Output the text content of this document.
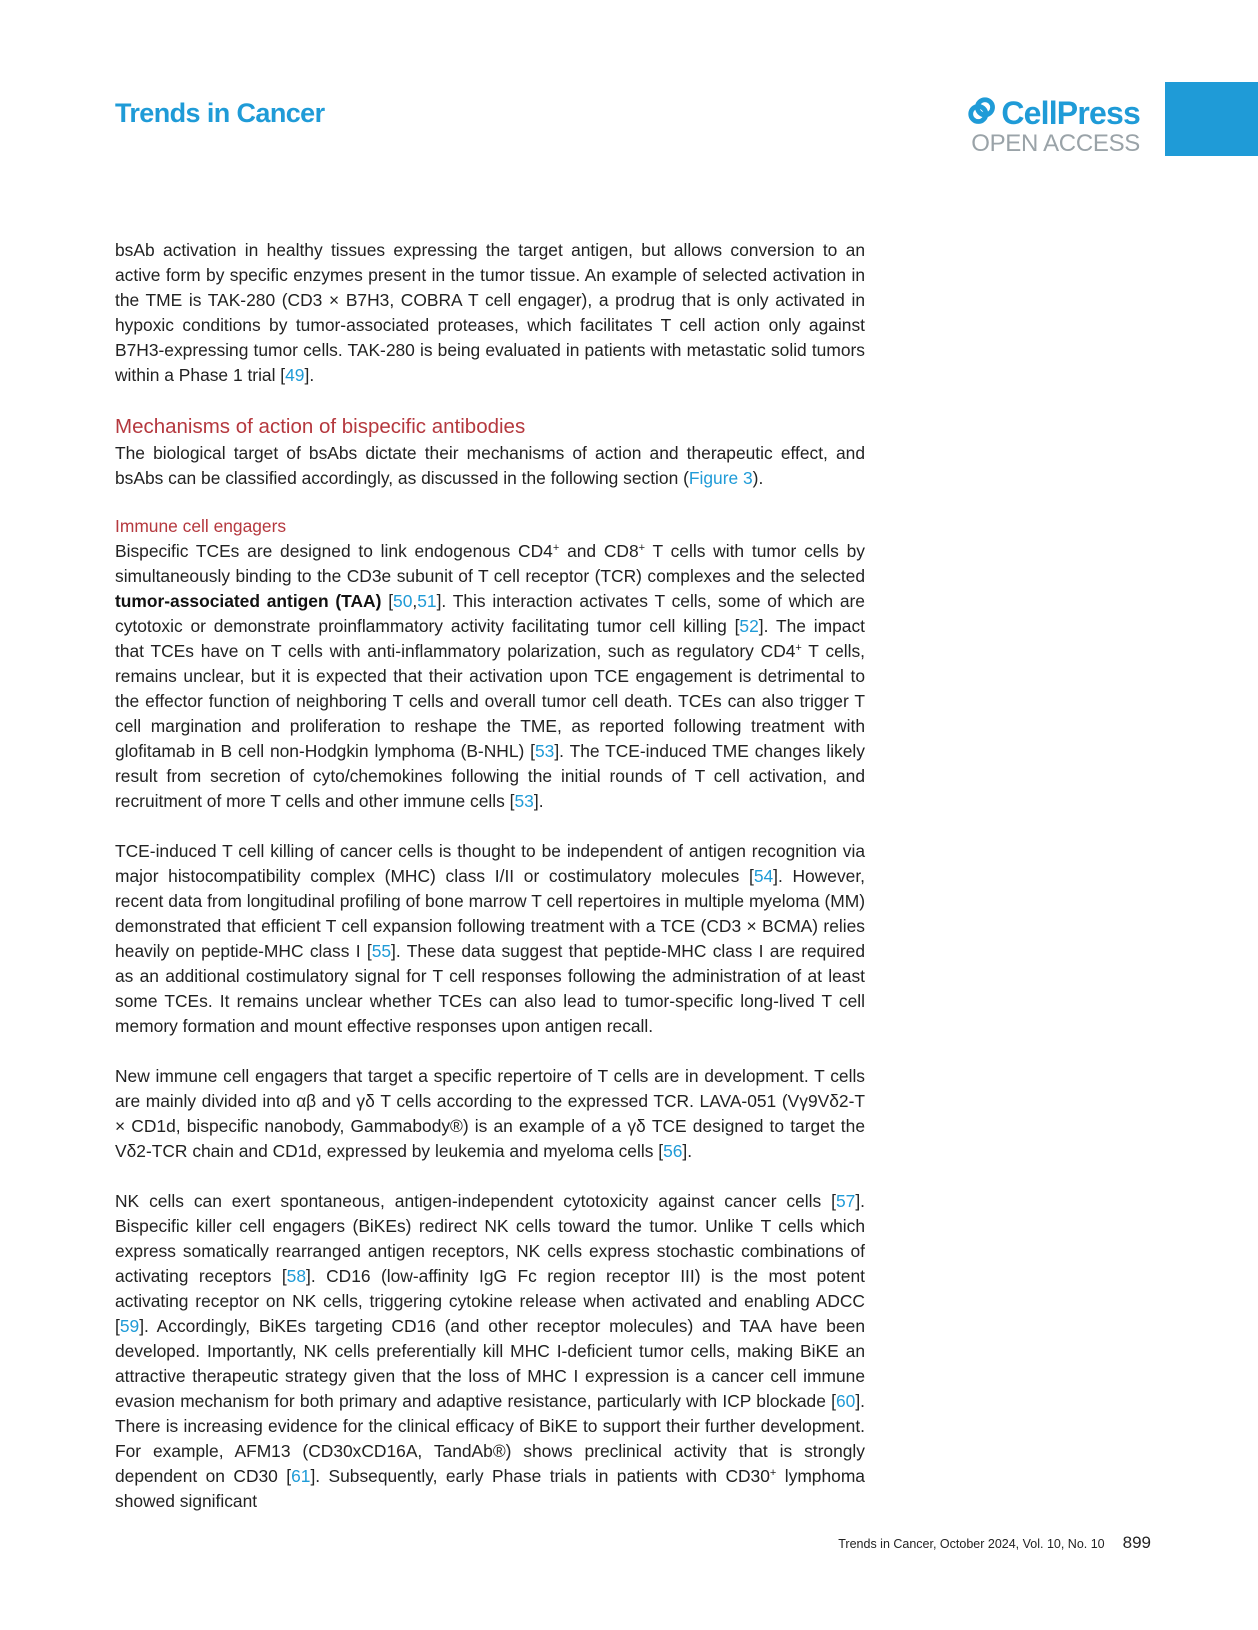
Trends in Cancer	CellPress
OPEN ACCESS

bsAb activation in healthy tissues expressing the target antigen, but allows conversion to an active form by specific enzymes present in the tumor tissue. An example of selected activation in the TME is TAK-280 (CD3 × B7H3, COBRA T cell engager), a prodrug that is only activated in hypoxic conditions by tumor-associated proteases, which facilitates T cell action only against B7H3-expressing tumor cells. TAK-280 is being evaluated in patients with metastatic solid tumors within a Phase 1 trial [49].

Mechanisms of action of bispecific antibodies

The biological target of bsAbs dictate their mechanisms of action and therapeutic effect, and bsAbs can be classified accordingly, as discussed in the following section (Figure 3).

Immune cell engagers

Bispecific TCEs are designed to link endogenous CD4+ and CD8+ T cells with tumor cells by simultaneously binding to the CD3e subunit of T cell receptor (TCR) complexes and the selected tumor-associated antigen (TAA) [50,51]. This interaction activates T cells, some of which are cytotoxic or demonstrate proinflammatory activity facilitating tumor cell killing [52]. The impact that TCEs have on T cells with anti-inflammatory polarization, such as regulatory CD4+ T cells, remains unclear, but it is expected that their activation upon TCE engagement is detrimental to the effector function of neighboring T cells and overall tumor cell death. TCEs can also trigger T cell margination and proliferation to reshape the TME, as reported following treatment with glofitamab in B cell non-Hodgkin lymphoma (B-NHL) [53]. The TCE-induced TME changes likely result from secretion of cyto/chemokines following the initial rounds of T cell activation, and recruitment of more T cells and other immune cells [53].

TCE-induced T cell killing of cancer cells is thought to be independent of antigen recognition via major histocompatibility complex (MHC) class I/II or costimulatory molecules [54]. However, recent data from longitudinal profiling of bone marrow T cell repertoires in multiple myeloma (MM) demonstrated that efficient T cell expansion following treatment with a TCE (CD3 × BCMA) relies heavily on peptide-MHC class I [55]. These data suggest that peptide-MHC class I are required as an additional costimulatory signal for T cell responses following the administration of at least some TCEs. It remains unclear whether TCEs can also lead to tumor-specific long-lived T cell memory formation and mount effective responses upon antigen recall.

New immune cell engagers that target a specific repertoire of T cells are in development. T cells are mainly divided into αβ and γδ T cells according to the expressed TCR. LAVA-051 (Vγ9Vδ2-T × CD1d, bispecific nanobody, Gammabody®) is an example of a γδ TCE designed to target the Vδ2-TCR chain and CD1d, expressed by leukemia and myeloma cells [56].

NK cells can exert spontaneous, antigen-independent cytotoxicity against cancer cells [57]. Bispecific killer cell engagers (BiKEs) redirect NK cells toward the tumor. Unlike T cells which express somatically rearranged antigen receptors, NK cells express stochastic combinations of activating receptors [58]. CD16 (low-affinity IgG Fc region receptor III) is the most potent activating receptor on NK cells, triggering cytokine release when activated and enabling ADCC [59]. Accordingly, BiKEs targeting CD16 (and other receptor molecules) and TAA have been developed. Importantly, NK cells preferentially kill MHC I-deficient tumor cells, making BiKE an attractive therapeutic strategy given that the loss of MHC I expression is a cancer cell immune evasion mechanism for both primary and adaptive resistance, particularly with ICP blockade [60]. There is increasing evidence for the clinical efficacy of BiKE to support their further development. For example, AFM13 (CD30xCD16A, TandAb®) shows preclinical activity that is strongly dependent on CD30 [61]. Subsequently, early Phase trials in patients with CD30+ lymphoma showed significant

Trends in Cancer, October 2024, Vol. 10, No. 10 899
